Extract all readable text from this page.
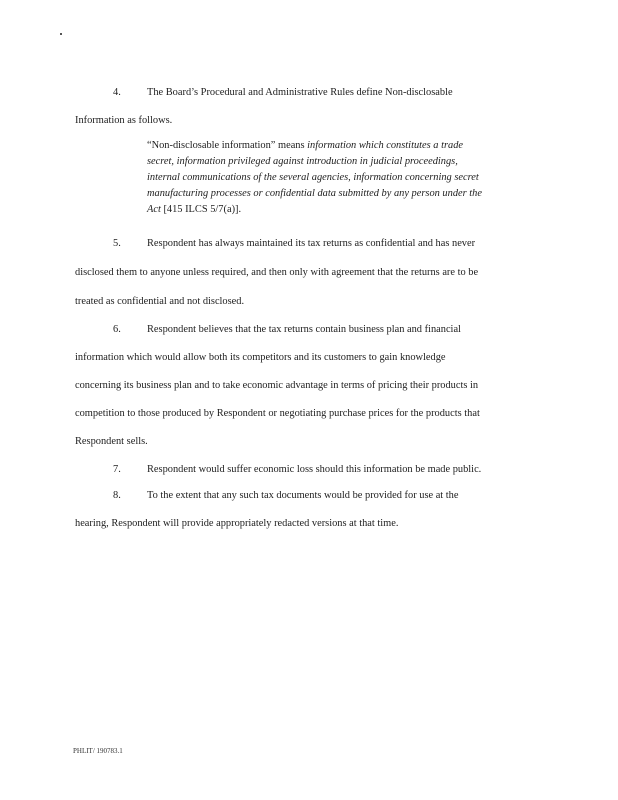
4.	The Board’s Procedural and Administrative Rules define Non-disclosable
Information as follows.
“Non-disclosable information” means information which constitutes a trade
secret, information privileged against introduction in judicial proceedings,
internal communications of the several agencies, information concerning secret
manufacturing processes or confidential data submitted by any person under the
Act [415 ILCS 5/7(a)].
5.	Respondent has always maintained its tax returns as confidential and has never
disclosed them to anyone unless required, and then only with agreement that the returns are to be
treated as confidential and not disclosed.
6.	Respondent believes that the tax returns contain business plan and financial
information which would allow both its competitors and its customers to gain knowledge
concerning its business plan and to take economic advantage in terms of pricing their products in
competition to those produced by Respondent or negotiating purchase prices for the products that
Respondent sells.
7.	Respondent would suffer economic loss should this information be made public.
8.	To the extent that any such tax documents would be provided for use at the
hearing, Respondent will provide appropriately redacted versions at that time.
PHLIT/ 190783.1
